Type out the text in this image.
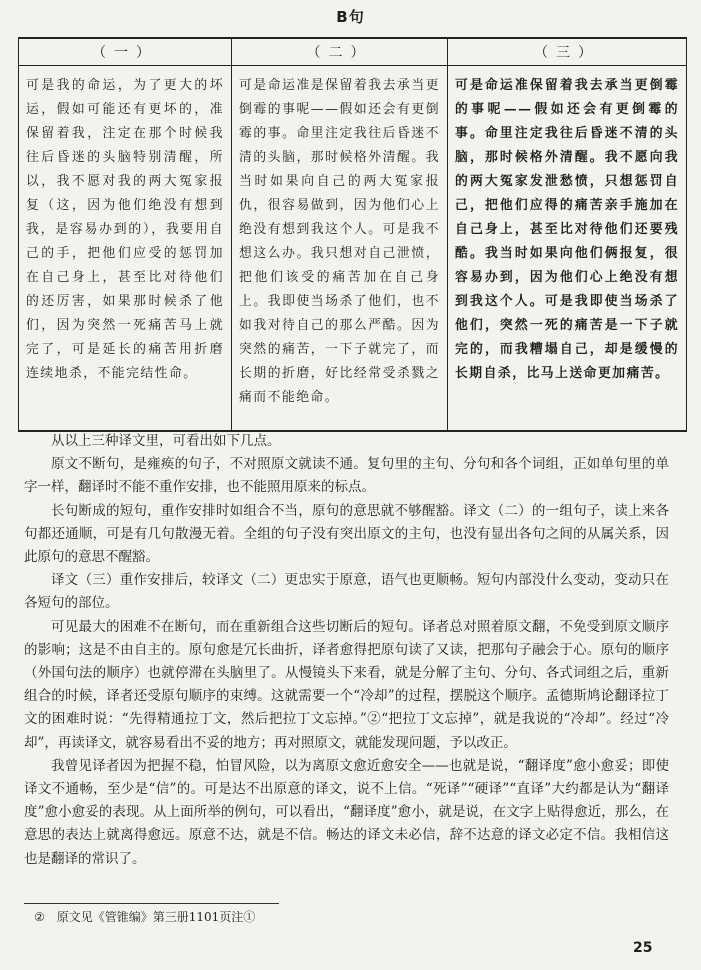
B句
（一）	（二）	（三）
可是我的命运，为了更大的坏运，假如可能还有更坏的，准保留着我，注定在那个时候我往后昏迷的头脑特别清醒，所以，我不愿对我的两大冤家报复（这，因为他们绝没有想到我，是容易办到的），我要用自己的手，把他们应受的惩罚加在自己身上，甚至比对待他们的还厉害，如果那时候杀了他们，因为突然一死痛苦马上就完了，可是延长的痛苦用折磨连续地杀，不能完结性命。	可是命运准是保留着我去承当更倒霉的事呢——假如还会有更倒霉的事。命里注定我往后昏迷不清的头脑，那时候格外清醒。我当时如果向自己的两大冤家报仇，很容易做到，因为他们心上绝没有想到我这个人。可是我不想这么办。我只想对自己泄愤，把他们该受的痛苦加在自己身上。我即使当场杀了他们，也不如我对待自己的那么严酷。因为突然的痛苦，一下子就完了，而长期的折磨，好比经常受杀戮之痛而不能绝命。	可是命运准保留着我去承当更倒霉的事呢——假如还会有更倒霉的事。命里注定我往后昏迷不清的头脑，那时候格外清醒。我不愿向我的两大冤家发泄愁愤，只想惩罚自己，把他们应得的痛苦亲手施加在自己身上，甚至比对待他们还要残酷。我当时如果向他们俩报复，很容易办到，因为他们心上绝没有想到我这个人。可是我即使当场杀了他们，突然一死的痛苦是一下子就完的，而我糟塌自己，却是缓慢的长期自杀，比马上送命更加痛苦。

从以上三种译文里，可看出如下几点。

原文不断句，是雍痪的句子，不对照原文就读不通。复句里的主句、分句和各个词组，正如单句里的单字一样，翻译时不能不重作安排，也不能照用原来的标点。

长句断成的短句，重作安排时如组合不当，原句的意思就不够醒豁。译文（二）的一组句子，读上来各句都还通顺，可是有几句散漫无着。全组的句子没有突出原文的主句，也没有显出各句之间的从属关系，因此原句的意思不醒豁。

译文（三）重作安排后，较译文（二）更忠实于原意，语气也更顺畅。短句内部没什么变动，变动只在各短句的部位。

可见最大的困难不在断句，而在重新组合这些切断后的短句。译者总对照着原文翻，不免受到原文顺序的影响；这是不由自主的。原句愈是冗长曲折，译者愈得把原句读了又读，把那句子融会于心。原句的顺序（外国句法的顺序）也就停滞在头脑里了。从慢镜头下来看，就是分解了主句、分句、各式词组之后，重新组合的时候，译者还受原句顺序的束缚。这就需要一个“冷却”的过程，摆脱这个顺序。孟德斯鸠论翻译拉丁文的困难时说：“先得精通拉丁文，然后把拉丁文忘掉。”②“把拉丁文忘掉”，就是我说的“冷却”。经过“冷却”，再读译文，就容易看出不妥的地方；再对照原文，就能发现问题，予以改正。

我曾见译者因为把握不稳，怕冒风险，以为离原文愈近愈安全——也就是说，“翻译度”愈小愈妥；即使译文不通畅，至少是“信”的。可是达不出原意的译文，说不上信。“死译”“硬译”“直译”大约都是认为“翻译度”愈小愈妥的表现。从上面所举的例句，可以看出，“翻译度”愈小，就是说，在文字上贴得愈近，那么，在意思的表达上就离得愈远。原意不达，就是不信。畅达的译文未必信，辞不达意的译文必定不信。我相信这也是翻译的常识了。

② 原文见《管锥编》第三册1101页注①
25
